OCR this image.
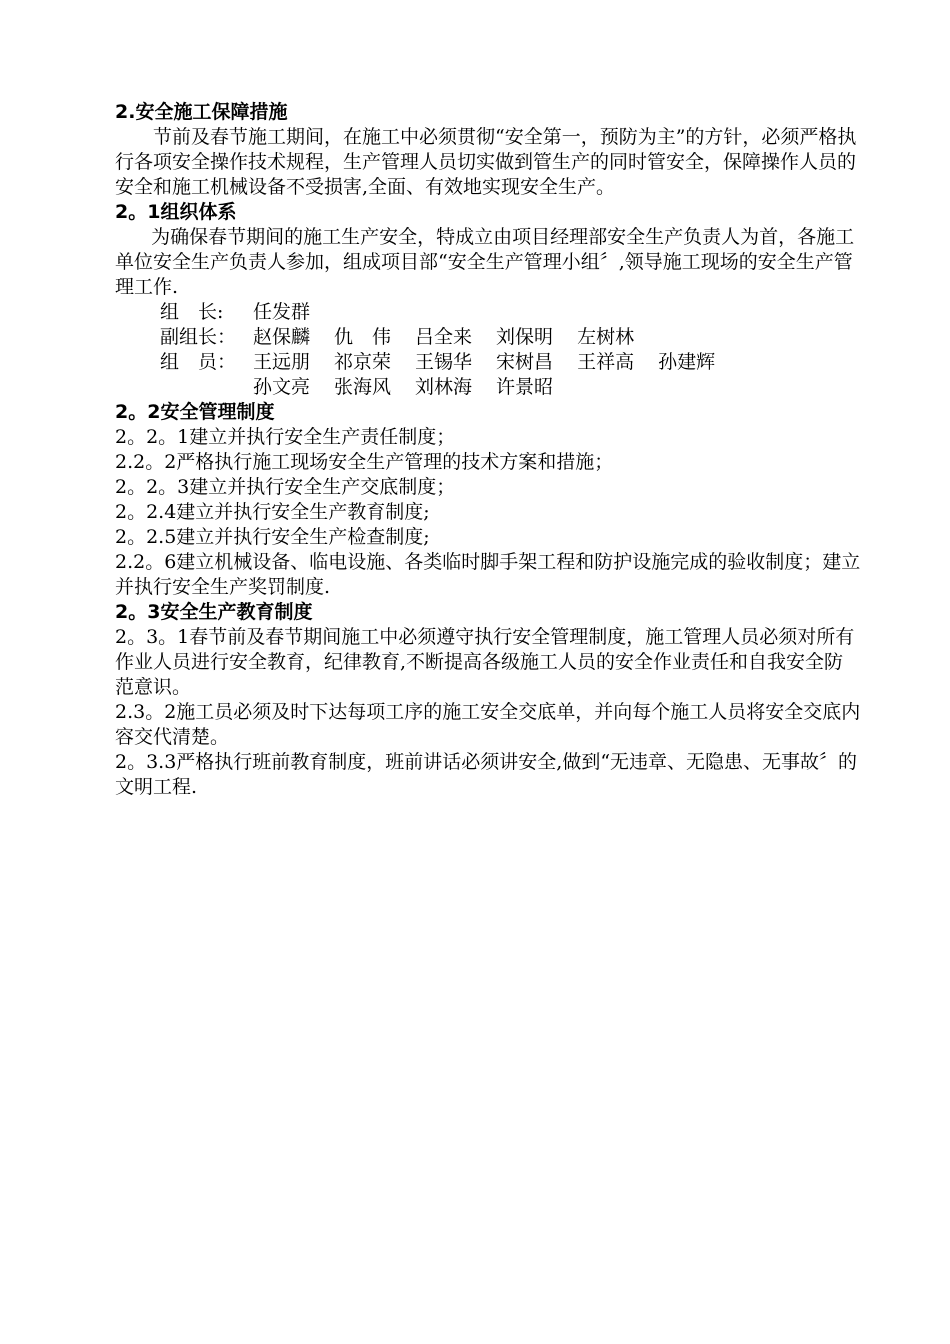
2.安全施工保障措施

节前及春节施工期间，在施工中必须贯彻“安全第一，预防为主”的方针，必须严格执行各项安全操作技术规程，生产管理人员切实做到管生产的同时管安全，保障操作人员的安全和施工机械设备不受损害,全面、有效地实现安全生产。

2。1组织体系

为确保春节期间的施工生产安全，特成立由项目经理部安全生产负责人为首，各施工单位安全生产负责人参加，组成项目部“安全生产管理小组〞,领导施工现场的安全生产管理工作.

组　长:	任发群
副组长： 赵保麟 仇　伟 吕全来 刘保明 左树林
组　员： 王远朋 祁京荣 王锡华 宋树昌 王祥高 孙建辉
孙文亮 张海风 刘林海 许景昭

2。2安全管理制度

2。2。1建立并执行安全生产责任制度；

2.2。2严格执行施工现场安全生产管理的技术方案和措施；

2。2。3建立并执行安全生产交底制度；

2。2.4建立并执行安全生产教育制度;

2。2.5建立并执行安全生产检查制度;

2.2。6建立机械设备、临电设施、各类临时脚手架工程和防护设施完成的验收制度；建立并执行安全生产奖罚制度.

2。3安全生产教育制度

2。3。1春节前及春节期间施工中必须遵守执行安全管理制度，施工管理人员必须对所有作业人员进行安全教育，纪律教育,不断提高各级施工人员的安全作业责任和自我安全防范意识。

2.3。2施工员必须及时下达每项工序的施工安全交底单，并向每个施工人员将安全交底内容交代清楚。

2。3.3严格执行班前教育制度，班前讲话必须讲安全,做到“无违章、无隐患、无事故〞的文明工程.
